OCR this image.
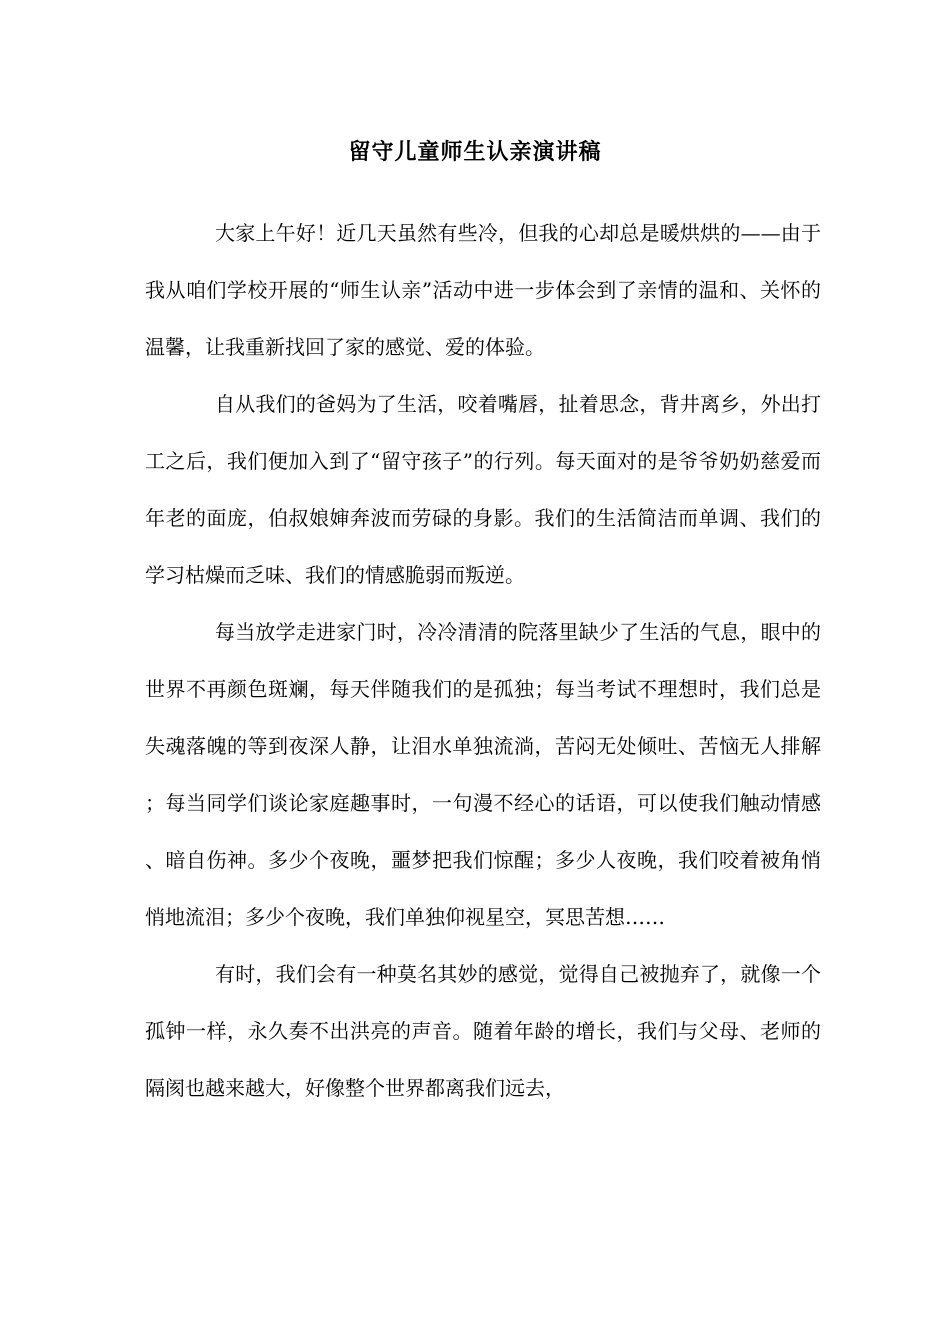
留守儿童师生认亲演讲稿

大家上午好！近几天虽然有些冷，但我的心却总是暖烘烘的——由于我从咱们学校开展的“师生认亲”活动中进一步体会到了亲情的温和、关怀的温馨，让我重新找回了家的感觉、爱的体验。

自从我们的爸妈为了生活，咬着嘴唇，扯着思念，背井离乡，外出打工之后，我们便加入到了“留守孩子”的行列。每天面对的是爷爷奶奶慈爱而年老的面庞，伯叔娘婶奔波而劳碌的身影。我们的生活简洁而单调、我们的学习枯燥而乏味、我们的情感脆弱而叛逆。

每当放学走进家门时，冷冷清清的院落里缺少了生活的气息，眼中的世界不再颜色斑斓，每天伴随我们的是孤独；每当考试不理想时，我们总是失魂落魄的等到夜深人静，让泪水单独流淌，苦闷无处倾吐、苦恼无人排解；每当同学们谈论家庭趣事时，一句漫不经心的话语，可以使我们触动情感、暗自伤神。多少个夜晚，噩梦把我们惊醒；多少人夜晚，我们咬着被角悄悄地流泪；多少个夜晚，我们单独仰视星空，冥思苦想……

有时，我们会有一种莫名其妙的感觉，觉得自己被抛弃了，就像一个孤钟一样，永久奏不出洪亮的声音。随着年龄的增长，我们与父母、老师的隔阂也越来越大，好像整个世界都离我们远去，
